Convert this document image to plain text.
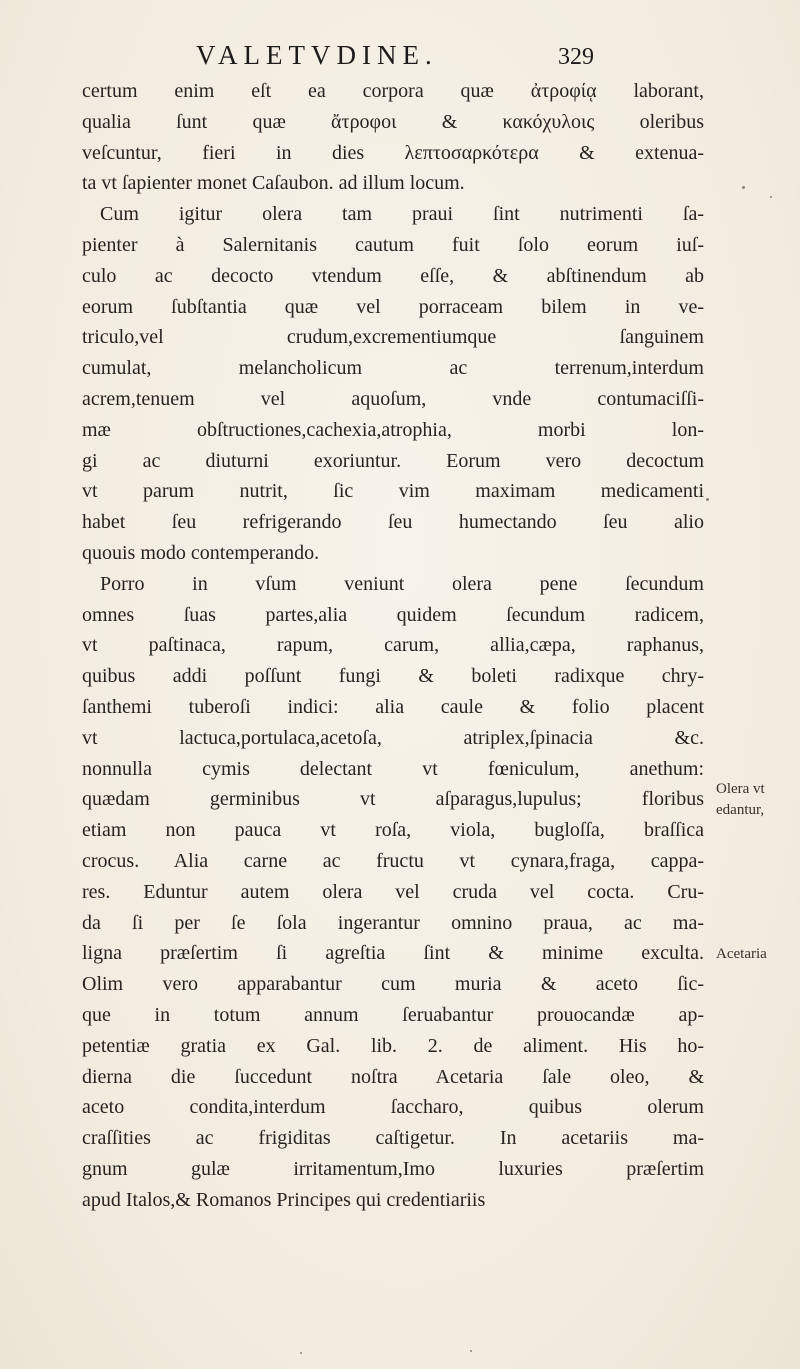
VALETVDINE.	329
certum enim eſt ea corpora quæ ἀτροφίᾳ laborant,
qualia ſunt quæ ἄτροφοι & κακόχυλοις oleribus
veſcuntur, fieri in dies λεπτοσαρκότερα & extenua-
ta vt ſapienter monet Caſaubon. ad illum locum.
Cum igitur olera tam praui ſint nutrimenti ſa-
pienter à Salernitanis cautum fuit ſolo eorum iuſ-
culo ac decocto vtendum eſſe, & abſtinendum ab
eorum ſubſtantia quæ vel porraceam bilem in ve-
triculo,vel crudum,excrementiumque ſanguinem
cumulat, melancholicum ac terrenum,interdum
acrem,tenuem vel aquoſum, vnde contumaciſſi-
mæ obſtructiones,cachexia,atrophia, morbi lon-
gi ac diuturni exoriuntur. Eorum vero decoctum
vt parum nutrit, ſic vim maximam medicamenti
habet ſeu refrigerando ſeu humectando ſeu alio
quouis modo contemperando.
Porro in vſum veniunt olera pene ſecundum
omnes ſuas partes,alia quidem ſecundum radicem,
vt paſtinaca, rapum, carum, allia,cæpa, raphanus,
quibus addi poſſunt fungi & boleti radixque chry-
ſanthemi tuberoſi indici: alia caule & folio placent
vt lactuca,portulaca,acetoſa, atriplex,ſpinacia &c.
nonnulla cymis delectant vt fœniculum, anethum:
quædam germinibus vt aſparagus,lupulus; floribus
etiam non pauca vt roſa, viola, bugloſſa, braſſica
crocus. Alia carne ac fructu vt cynara,fraga, cappa-
res. Eduntur autem olera vel cruda vel cocta. Cru-
da ſi per ſe ſola ingerantur omnino praua, ac ma-
ligna præſertim ſi agreſtia ſint & minime exculta.
Olim vero apparabantur cum muria & aceto ſic-
que in totum annum ſeruabantur prouocandæ ap-
petentiæ gratia ex Gal. lib. 2. de aliment. His ho-
dierna die ſuccedunt noſtra Acetaria ſale oleo, &
aceto condita,interdum ſaccharo, quibus olerum
craſſities ac frigiditas caſtigetur. In acetariis ma-
gnum gulæ irritamentum,Imo luxuries præſertim
apud Italos,& Romanos Principes qui credentiariis
Olera vt
edantur,
Acetaria
